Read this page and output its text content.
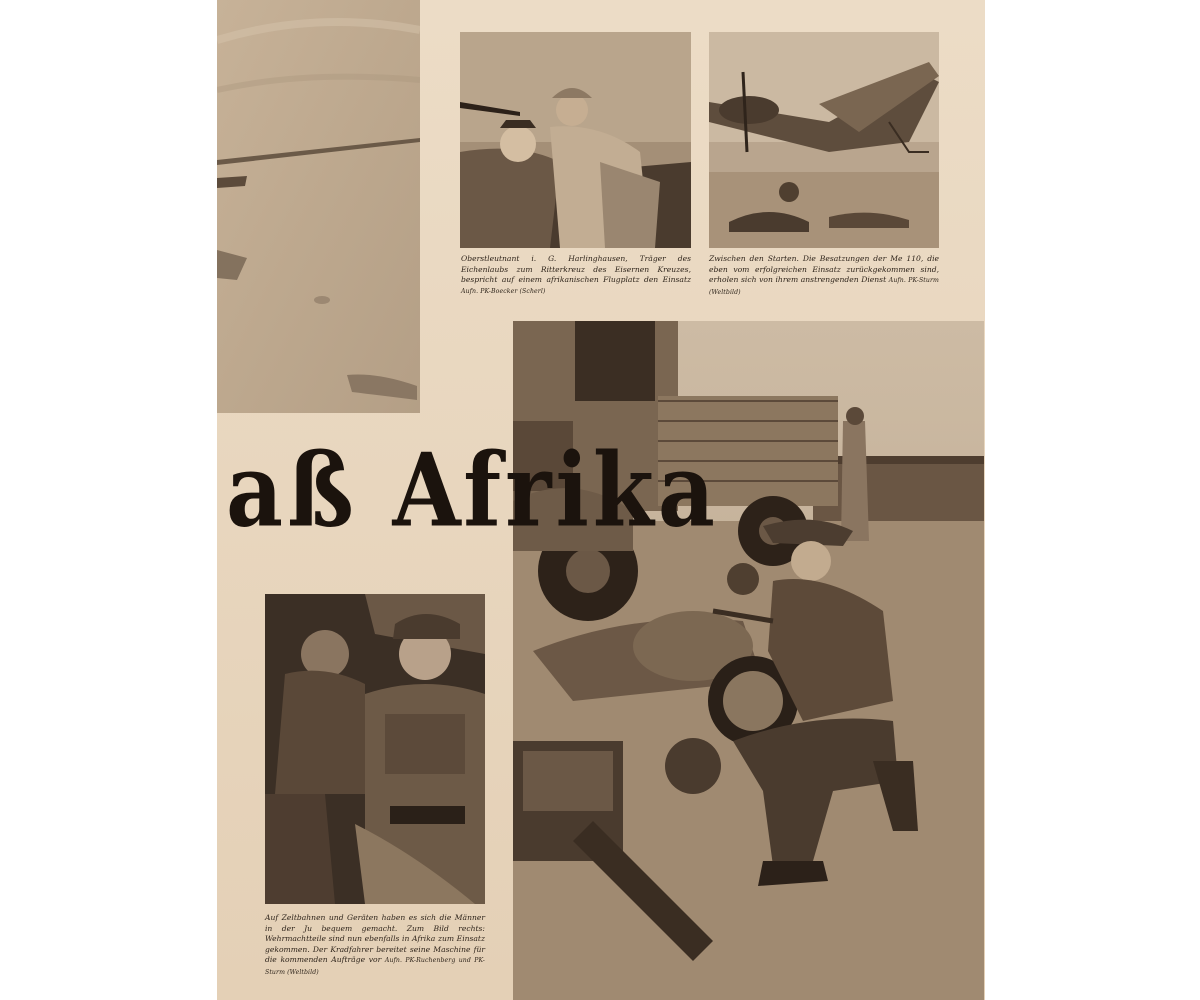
aß Afrika
Oberstleutnant i. G. Harlinghausen, Träger des Eichenlaubs zum Ritterkreuz des Eisernen Kreuzes, bespricht auf einem afrikanischen Flugplatz den Einsatz Aufn. PK-Boecker (Scherl)
Zwischen den Starten. Die Besatzungen der Me 110, die eben vom erfolgreichen Einsatz zurückgekommen sind, erholen sich von ihrem anstrengenden Dienst Aufn. PK-Sturm (Weltbild)
Auf Zeltbahnen und Geräten haben es sich die Männer in der Ju bequem gemacht. Zum Bild rechts: Wehrmachtteile sind nun ebenfalls in Afrika zum Einsatz gekommen. Der Kradfahrer bereitet seine Maschine für die kommenden Aufträge vor Aufn. PK-Ruchenberg und PK-Sturm (Weltbild)
